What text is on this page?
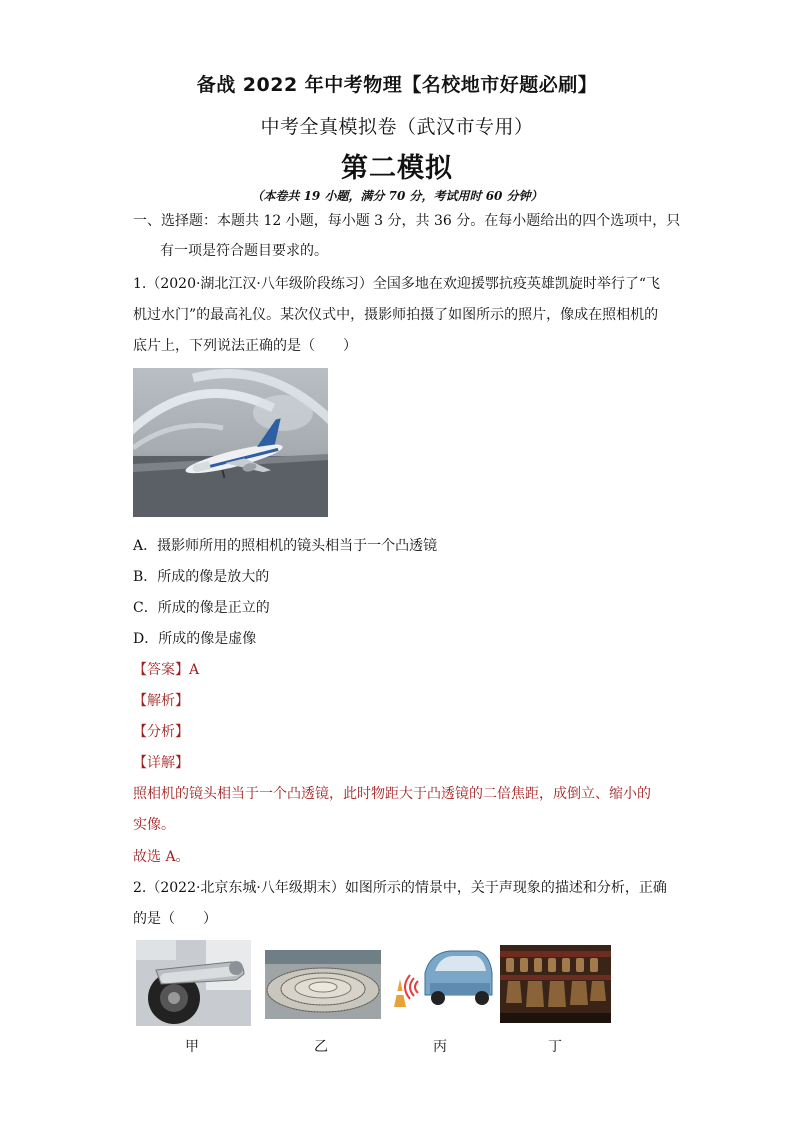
备战 2022 年中考物理【名校地市好题必刷】
中考全真模拟卷（武汉市专用）
第二模拟
（本卷共 19 小题，满分 70 分，考试用时 60 分钟）
一、选择题：本题共 12 小题，每小题 3 分，共 36 分。在每小题给出的四个选项中，只
有一项是符合题目要求的。
1.（2020·湖北江汉·八年级阶段练习）全国多地在欢迎援鄂抗疫英雄凯旋时举行了“飞
机过水门”的最高礼仪。某次仪式中，摄影师拍摄了如图所示的照片，像成在照相机的
底片上，下列说法正确的是（　　）
A．摄影师所用的照相机的镜头相当于一个凸透镜
B．所成的像是放大的
C．所成的像是正立的
D．所成的像是虚像
【答案】A
【解析】
【分析】
【详解】
照相机的镜头相当于一个凸透镜，此时物距大于凸透镜的二倍焦距，成倒立、缩小的
实像。
故选 A。
2.（2022·北京东城·八年级期末）如图所示的情景中，关于声现象的描述和分析，正确
的是（　　）
甲	乙	丙	丁
